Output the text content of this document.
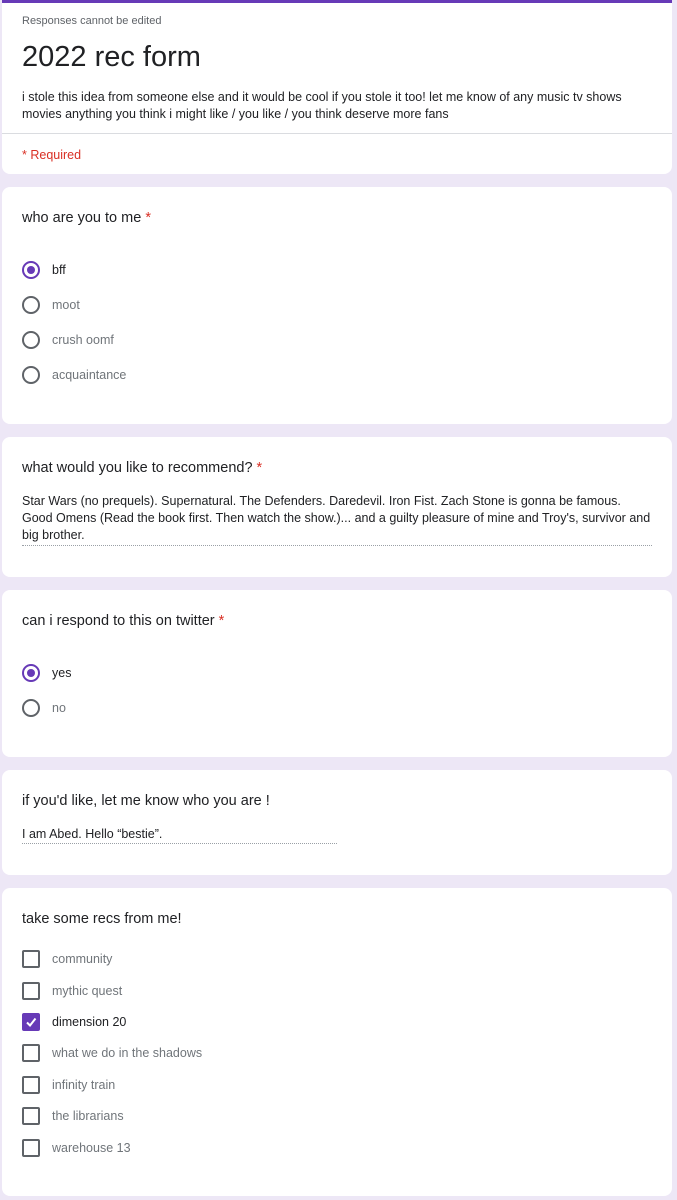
Responses cannot be edited
2022 rec form
i stole this idea from someone else and it would be cool if you stole it too! let me know of any music tv shows movies anything you think i might like / you like / you think deserve more fans
* Required
who are you to me *
bff
moot
crush oomf
acquaintance
what would you like to recommend? *
Star Wars (no prequels). Supernatural. The Defenders. Daredevil. Iron Fist. Zach Stone is gonna be famous. Good Omens (Read the book first. Then watch the show.)... and a guilty pleasure of mine and Troy's, survivor and big brother.
can i respond to this on twitter *
yes
no
if you'd like, let me know who you are !
I am Abed. Hello “bestie”.
take some recs from me!
community
mythic quest
dimension 20
what we do in the shadows
infinity train
the librarians
warehouse 13
